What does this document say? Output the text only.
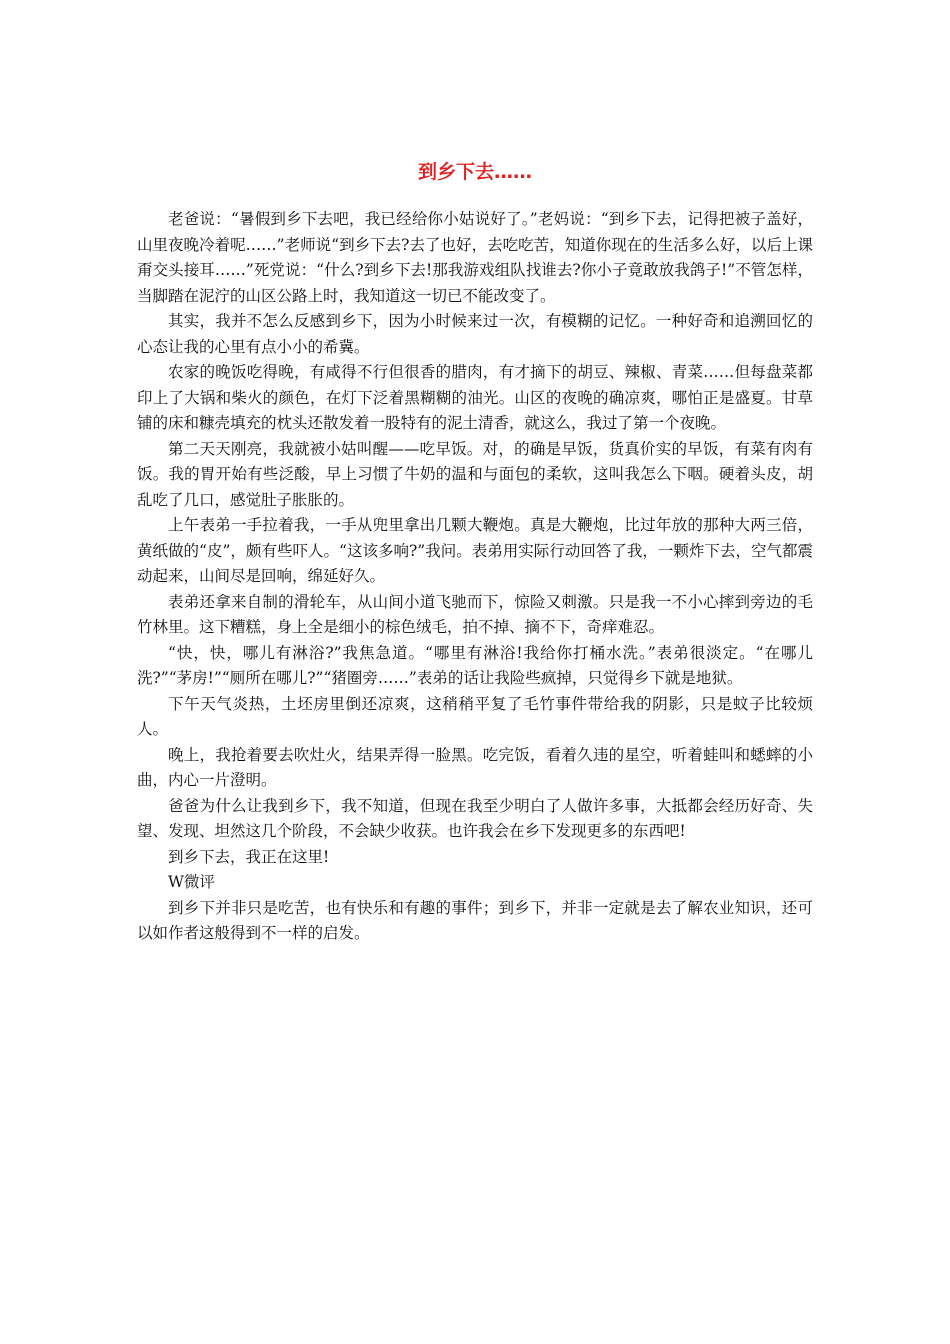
到乡下去……

老爸说：“暑假到乡下去吧，我已经给你小姑说好了。”老妈说：“到乡下去，记得把被子盖好，山里夜晚冷着呢……”老师说“到乡下去?去了也好，去吃吃苦，知道你现在的生活多么好，以后上课甭交头接耳……”死党说：“什么?到乡下去!那我游戏组队找谁去?你小子竟敢放我鸽子!”不管怎样，当脚踏在泥泞的山区公路上时，我知道这一切已不能改变了。

其实，我并不怎么反感到乡下，因为小时候来过一次，有模糊的记忆。一种好奇和追溯回忆的心态让我的心里有点小小的希冀。

农家的晚饭吃得晚，有咸得不行但很香的腊肉，有才摘下的胡豆、辣椒、青菜……但每盘菜都印上了大锅和柴火的颜色，在灯下泛着黑糊糊的油光。山区的夜晚的确凉爽，哪怕正是盛夏。甘草铺的床和糠壳填充的枕头还散发着一股特有的泥土清香，就这么，我过了第一个夜晚。

第二天天刚亮，我就被小姑叫醒——吃早饭。对，的确是早饭，货真价实的早饭，有菜有肉有饭。我的胃开始有些泛酸，早上习惯了牛奶的温和与面包的柔软，这叫我怎么下咽。硬着头皮，胡乱吃了几口，感觉肚子胀胀的。

上午表弟一手拉着我，一手从兜里拿出几颗大鞭炮。真是大鞭炮，比过年放的那种大两三倍，黄纸做的“皮”，颇有些吓人。“这该多响?”我问。表弟用实际行动回答了我，一颗炸下去，空气都震动起来，山间尽是回响，绵延好久。

表弟还拿来自制的滑轮车，从山间小道飞驰而下，惊险又刺激。只是我一不小心摔到旁边的毛竹林里。这下糟糕，身上全是细小的棕色绒毛，拍不掉、摘不下，奇痒难忍。

“快，快，哪儿有淋浴?”我焦急道。“哪里有淋浴!我给你打桶水洗。”表弟很淡定。“在哪儿洗?”“茅房!”“厕所在哪儿?”“猪圈旁……”表弟的话让我险些疯掉，只觉得乡下就是地狱。

下午天气炎热，土坯房里倒还凉爽，这稍稍平复了毛竹事件带给我的阴影，只是蚊子比较烦人。

晚上，我抢着要去吹灶火，结果弄得一脸黑。吃完饭，看着久违的星空，听着蛙叫和蟋蟀的小曲，内心一片澄明。

爸爸为什么让我到乡下，我不知道，但现在我至少明白了人做许多事，大抵都会经历好奇、失望、发现、坦然这几个阶段，不会缺少收获。也许我会在乡下发现更多的东西吧!

到乡下去，我正在这里!

W微评

到乡下并非只是吃苦，也有快乐和有趣的事件；到乡下，并非一定就是去了解农业知识，还可以如作者这般得到不一样的启发。
